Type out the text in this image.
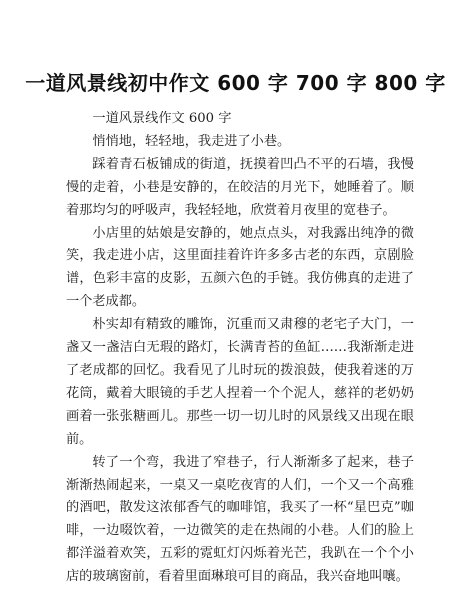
一道风景线初中作文 600 字 700 字 800 字

一道风景线作文 600 字

悄悄地，轻轻地，我走进了小巷。

踩着青石板铺成的街道，抚摸着凹凸不平的石墙，我慢慢的走着，小巷是安静的，在皎洁的月光下，她睡着了。顺着那均匀的呼吸声，我轻轻地，欣赏着月夜里的宽巷子。

小店里的姑娘是安静的，她点点头，对我露出纯净的微笑，我走进小店，这里面挂着许许多多古老的东西，京剧脸谱，色彩丰富的皮影，五颜六色的手链。我仿佛真的走进了一个老成都。

朴实却有精致的雕饰，沉重而又肃穆的老宅子大门，一盏又一盏洁白无瑕的路灯，长满青苔的鱼缸……我渐渐走进了老成都的回忆。我看见了儿时玩的拨浪鼓，使我着迷的万花筒，戴着大眼镜的手艺人捏着一个个泥人，慈祥的老奶奶画着一张张糖画儿。那些一切一切儿时的风景线又出现在眼前。

转了一个弯，我进了窄巷子，行人渐渐多了起来，巷子渐渐热闹起来，一桌又一桌吃夜宵的人们，一个又一个高雅的酒吧，散发这浓郁香气的咖啡馆，我买了一杯“星巴克”咖啡，一边啜饮着，一边微笑的走在热闹的小巷。人们的脸上都洋溢着欢笑，五彩的霓虹灯闪烁着光芒，我趴在一个个小店的玻璃窗前，看着里面琳琅可目的商品，我兴奋地叫嚷。
